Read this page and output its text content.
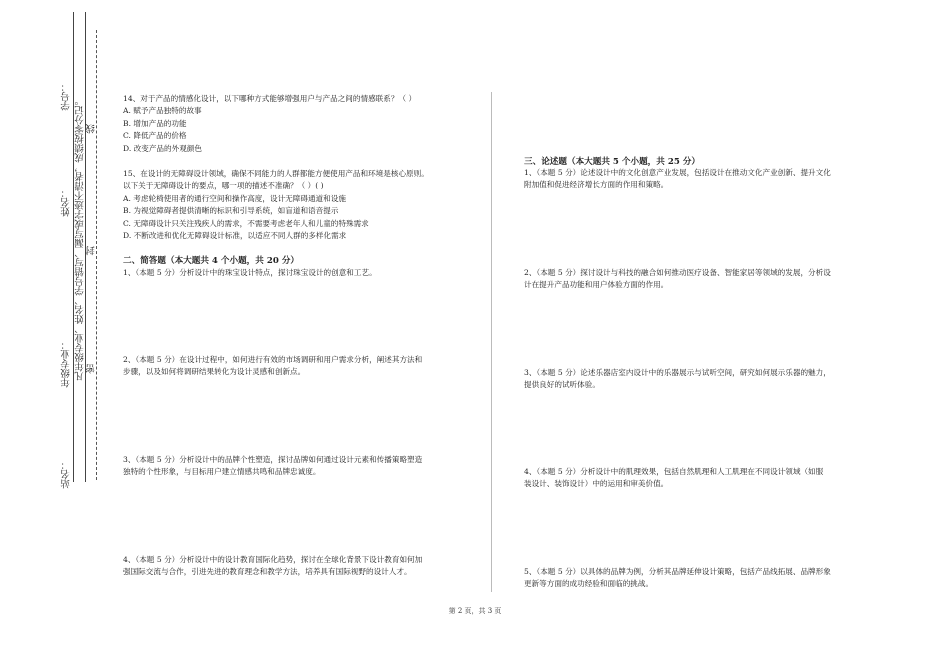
学号：
姓名：
年级专业：
站名：
凡年级专业、姓名、学号错写、漏写或字迹不清者，成绩按零分记。 密
封
线

14、对于产品的情感化设计，以下哪种方式能够增强用户与产品之间的情感联系？（ ）

A. 赋予产品独特的故事

B. 增加产品的功能

C. 降低产品的价格

D. 改变产品的外观颜色

15、在设计的无障碍设计领域，确保不同能力的人群都能方便使用产品和环境是核心原则。

以下关于无障碍设计的要点，哪一项的描述不准确？（ ）( )

A. 考虑轮椅使用者的通行空间和操作高度，设计无障碍通道和设施

B. 为视觉障碍者提供清晰的标识和引导系统，如盲道和语音提示

C. 无障碍设计只关注残疾人的需求，不需要考虑老年人和儿童的特殊需求

D. 不断改进和优化无障碍设计标准，以适应不同人群的多样化需求

二、简答题（本大题共 4 个小题，共 20 分）

1、（本题 5 分）分析设计中的珠宝设计特点，探讨珠宝设计的创意和工艺。

2、（本题 5 分）在设计过程中，如何进行有效的市场调研和用户需求分析，阐述其方法和

步骤，以及如何将调研结果转化为设计灵感和创新点。

3、（本题 5 分）分析设计中的品牌个性塑造，探讨品牌如何通过设计元素和传播策略塑造

独特的个性形象，与目标用户建立情感共鸣和品牌忠诚度。

4、（本题 5 分）分析设计中的设计教育国际化趋势，探讨在全球化背景下设计教育如何加

强国际交流与合作，引进先进的教育理念和教学方法，培养具有国际视野的设计人才。

三、论述题（本大题共 5 个小题，共 25 分）

1、（本题 5 分）论述设计中的文化创意产业发展，包括设计在推动文化产业创新、提升文化

附加值和促进经济增长方面的作用和策略。

2、（本题 5 分）探讨设计与科技的融合如何推动医疗设备、智能家居等领域的发展，分析设

计在提升产品功能和用户体验方面的作用。

3、（本题 5 分）论述乐器店室内设计中的乐器展示与试听空间，研究如何展示乐器的魅力，

提供良好的试听体验。

4、（本题 5 分）分析设计中的肌理效果，包括自然肌理和人工肌理在不同设计领域（如服

装设计、装饰设计）中的运用和审美价值。

5、（本题 5 分）以具体的品牌为例，分析其品牌延伸设计策略，包括产品线拓展、品牌形象

更新等方面的成功经验和面临的挑战。

第 2 页，共 3 页
